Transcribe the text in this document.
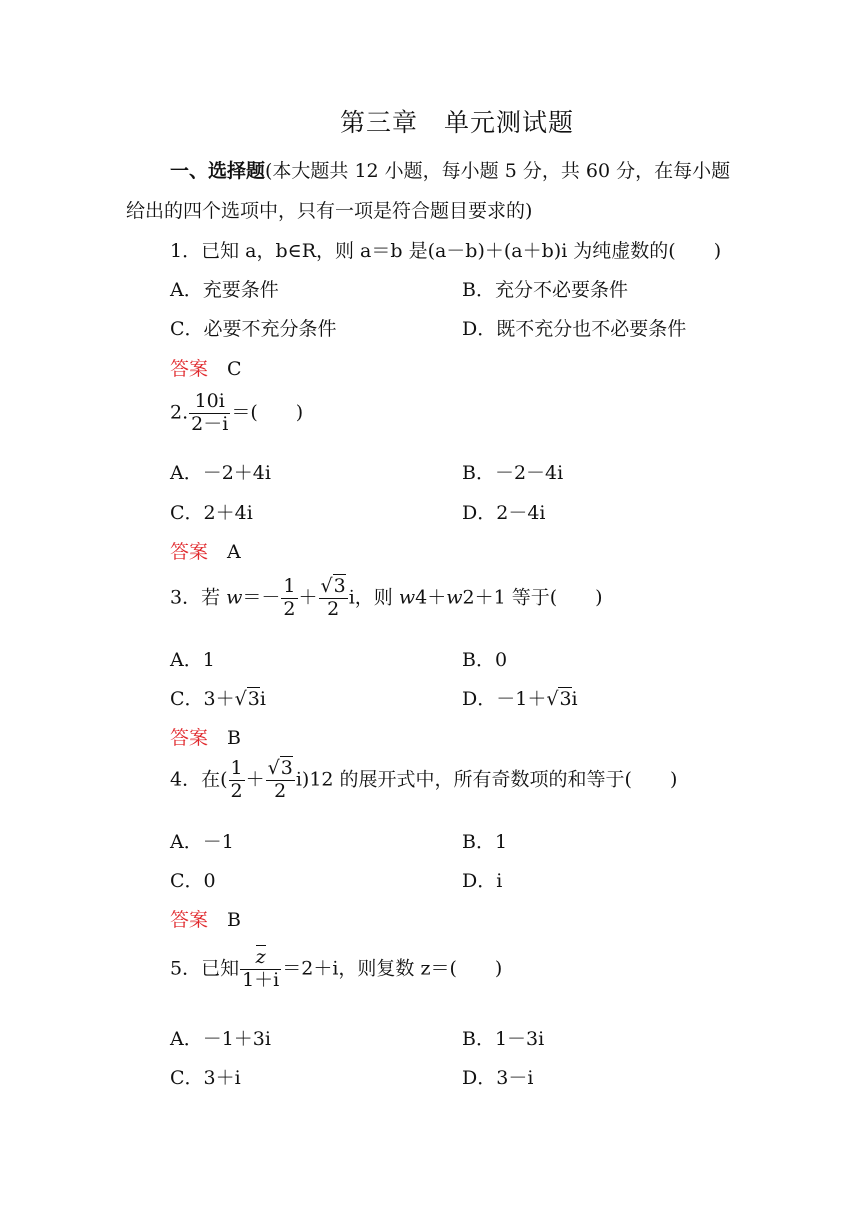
第三章　单元测试题
一、选择题(本大题共 12 小题，每小题 5 分，共 60 分，在每小题
给出的四个选项中，只有一项是符合题目要求的)
1．已知 a，b∈R，则 a＝b 是(a－b)＋(a＋b)i 为纯虚数的(　　)
A．充要条件	B．充分不必要条件
C．必要不充分条件	D．既不充分也不必要条件
答案　 C
2. $\frac{10i}{2-i}$ ＝(　　)
A．－2＋4i	B．－2－4i
C．2＋4i	D．2－4i
答案　 A
3．若 $w=- \frac{1}{2} + \frac{√3}{2}$ i，则 w4＋w2＋1 等于(　　)
A．1	B．0
C．3＋√3i	D．－1＋√3i
答案　 B
4．在( $\frac{1}{2} + \frac{√3}{2} i)12$ 的展开式中，所有奇数项的和等于(　　)
A．－1	B．1
C．0	D．i
答案　 B
5．已知 $\frac{z}{1+i} =2+i$，则复数 z＝(　　)
A．－1＋3i	B．1－3i
C．3＋i	D．3－i
